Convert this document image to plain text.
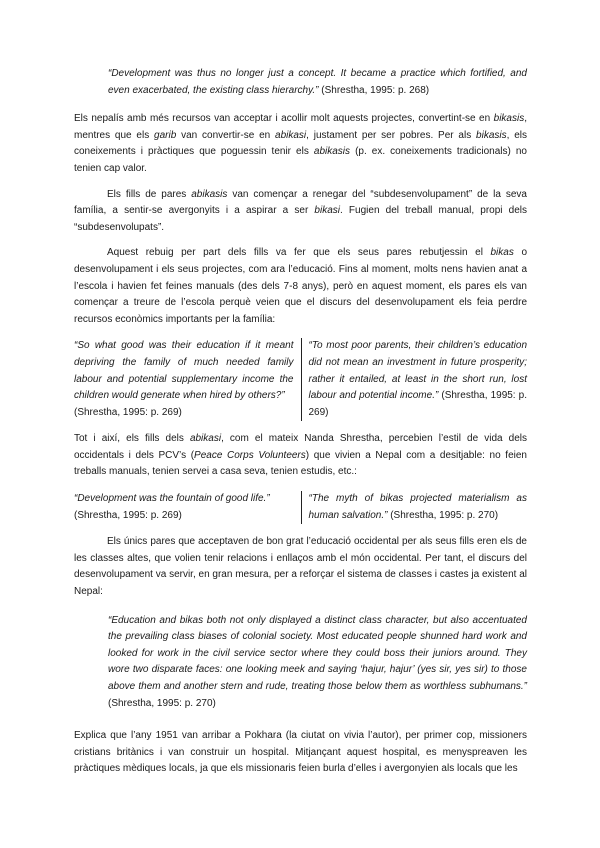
“Development was thus no longer just a concept. It became a practice which fortified, and even exacerbated, the existing class hierarchy.” (Shrestha, 1995: p. 268)

Els nepalís amb més recursos van acceptar i acollir molt aquests projectes, convertint-se en bikasis, mentres que els garib van convertir-se en abikasi, justament per ser pobres. Per als bikasis, els coneixements i pràctiques que poguessin tenir els abikasis (p. ex. coneixements tradicionals) no tenien cap valor.

Els fills de pares abikasis van començar a renegar del “subdesenvolupament” de la seva família, a sentir-se avergonyits i a aspirar a ser bikasi. Fugien del treball manual, propi dels “subdesenvolupats”.

Aquest rebuig per part dels fills va fer que els seus pares rebutjessin el bikas o desenvolupament i els seus projectes, com ara l’educació. Fins al moment, molts nens havien anat a l’escola i havien fet feines manuals (des dels 7-8 anys), però en aquest moment, els pares els van començar a treure de l’escola perquè veien que el discurs del desenvolupament els feia perdre recursos econòmics importants per la família:

“So what good was their education if it meant depriving the family of much needed family labour and potential supplementary income the children would generate when hired by others?”
(Shrestha, 1995: p. 269)
“To most poor parents, their children’s education did not mean an investment in future prosperity; rather it entailed, at least in the short run, lost labour and potential income.” (Shrestha, 1995: p. 269)

Tot i així, els fills dels abikasi, com el mateix Nanda Shrestha, percebien l’estil de vida dels occidentals i dels PCV’s (Peace Corps Volunteers) que vivien a Nepal com a desitjable: no feien treballs manuals, tenien servei a casa seva, tenien estudis, etc.:

“Development was the fountain of good life.”
(Shrestha, 1995: p. 269)
“The myth of bikas projected materialism as human salvation.” (Shrestha, 1995: p. 270)

Els únics pares que acceptaven de bon grat l’educació occidental per als seus fills eren els de les classes altes, que volien tenir relacions i enllaços amb el món occidental. Per tant, el discurs del desenvolupament va servir, en gran mesura, per a reforçar el sistema de classes i castes ja existent al Nepal:

“Education and bikas both not only displayed a distinct class character, but also accentuated the prevailing class biases of colonial society. Most educated people shunned hard work and looked for work in the civil service sector where they could boss their juniors around. They wore two disparate faces: one looking meek and saying ‘hajur, hajur’ (yes sir, yes sir) to those above them and another stern and rude, treating those below them as worthless subhumans.” (Shrestha, 1995: p. 270)

Explica que l’any 1951 van arribar a Pokhara (la ciutat on vivia l’autor), per primer cop, missioners cristians britànics i van construir un hospital. Mitjançant aquest hospital, es menyspreaven les pràctiques mèdiques locals, ja que els missionaris feien burla d’elles i avergonyien als locals que les
